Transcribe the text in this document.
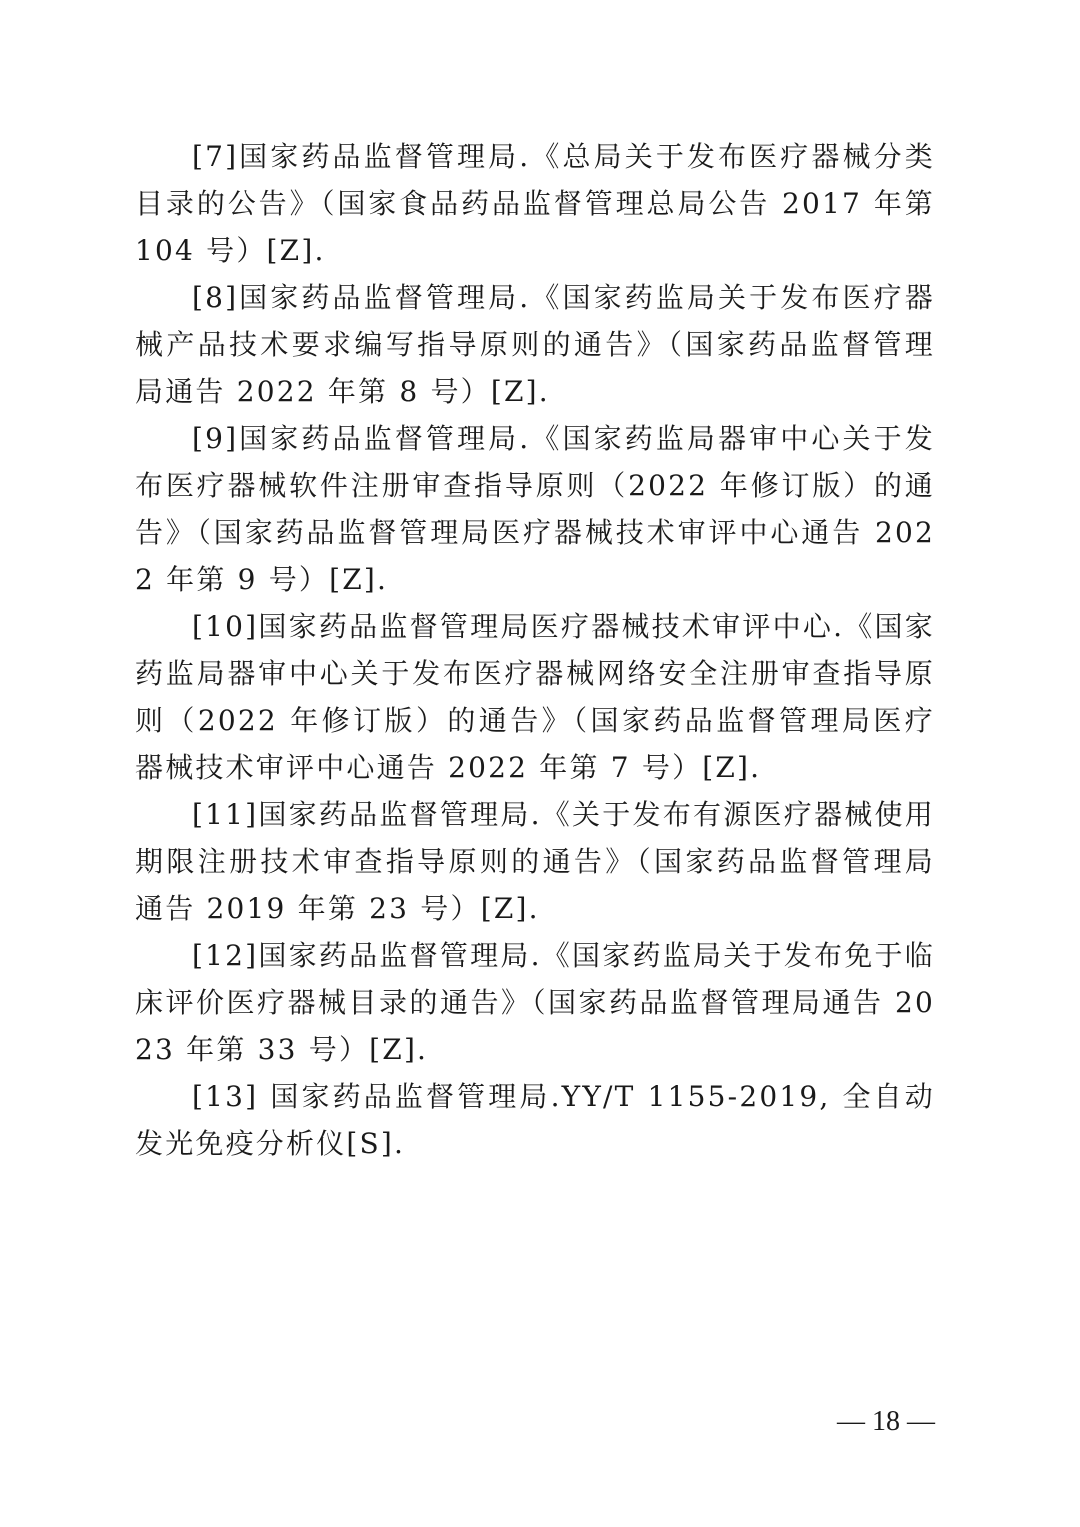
[7]国家药品监督管理局.《总局关于发布医疗器械分类目录的公告》（国家食品药品监督管理总局公告 2017 年第 104 号）[Z].

[8]国家药品监督管理局.《国家药监局关于发布医疗器械产品技术要求编写指导原则的通告》（国家药品监督管理局通告 2022 年第 8 号）[Z].

[9]国家药品监督管理局.《国家药监局器审中心关于发布医疗器械软件注册审查指导原则（2022 年修订版）的通告》（国家药品监督管理局医疗器械技术审评中心通告 2022 年第 9 号）[Z].

[10]国家药品监督管理局医疗器械技术审评中心.《国家药监局器审中心关于发布医疗器械网络安全注册审查指导原则（2022 年修订版）的通告》（国家药品监督管理局医疗器械技术审评中心通告 2022 年第 7 号）[Z].

[11]国家药品监督管理局.《关于发布有源医疗器械使用期限注册技术审查指导原则的通告》（国家药品监督管理局通告 2019 年第 23 号）[Z].

[12]国家药品监督管理局.《国家药监局关于发布免于临床评价医疗器械目录的通告》（国家药品监督管理局通告 2023 年第 33 号）[Z].

[13] 国家药品监督管理局.YY/T 1155-2019, 全自动发光免疫分析仪[S].

— 18 —
